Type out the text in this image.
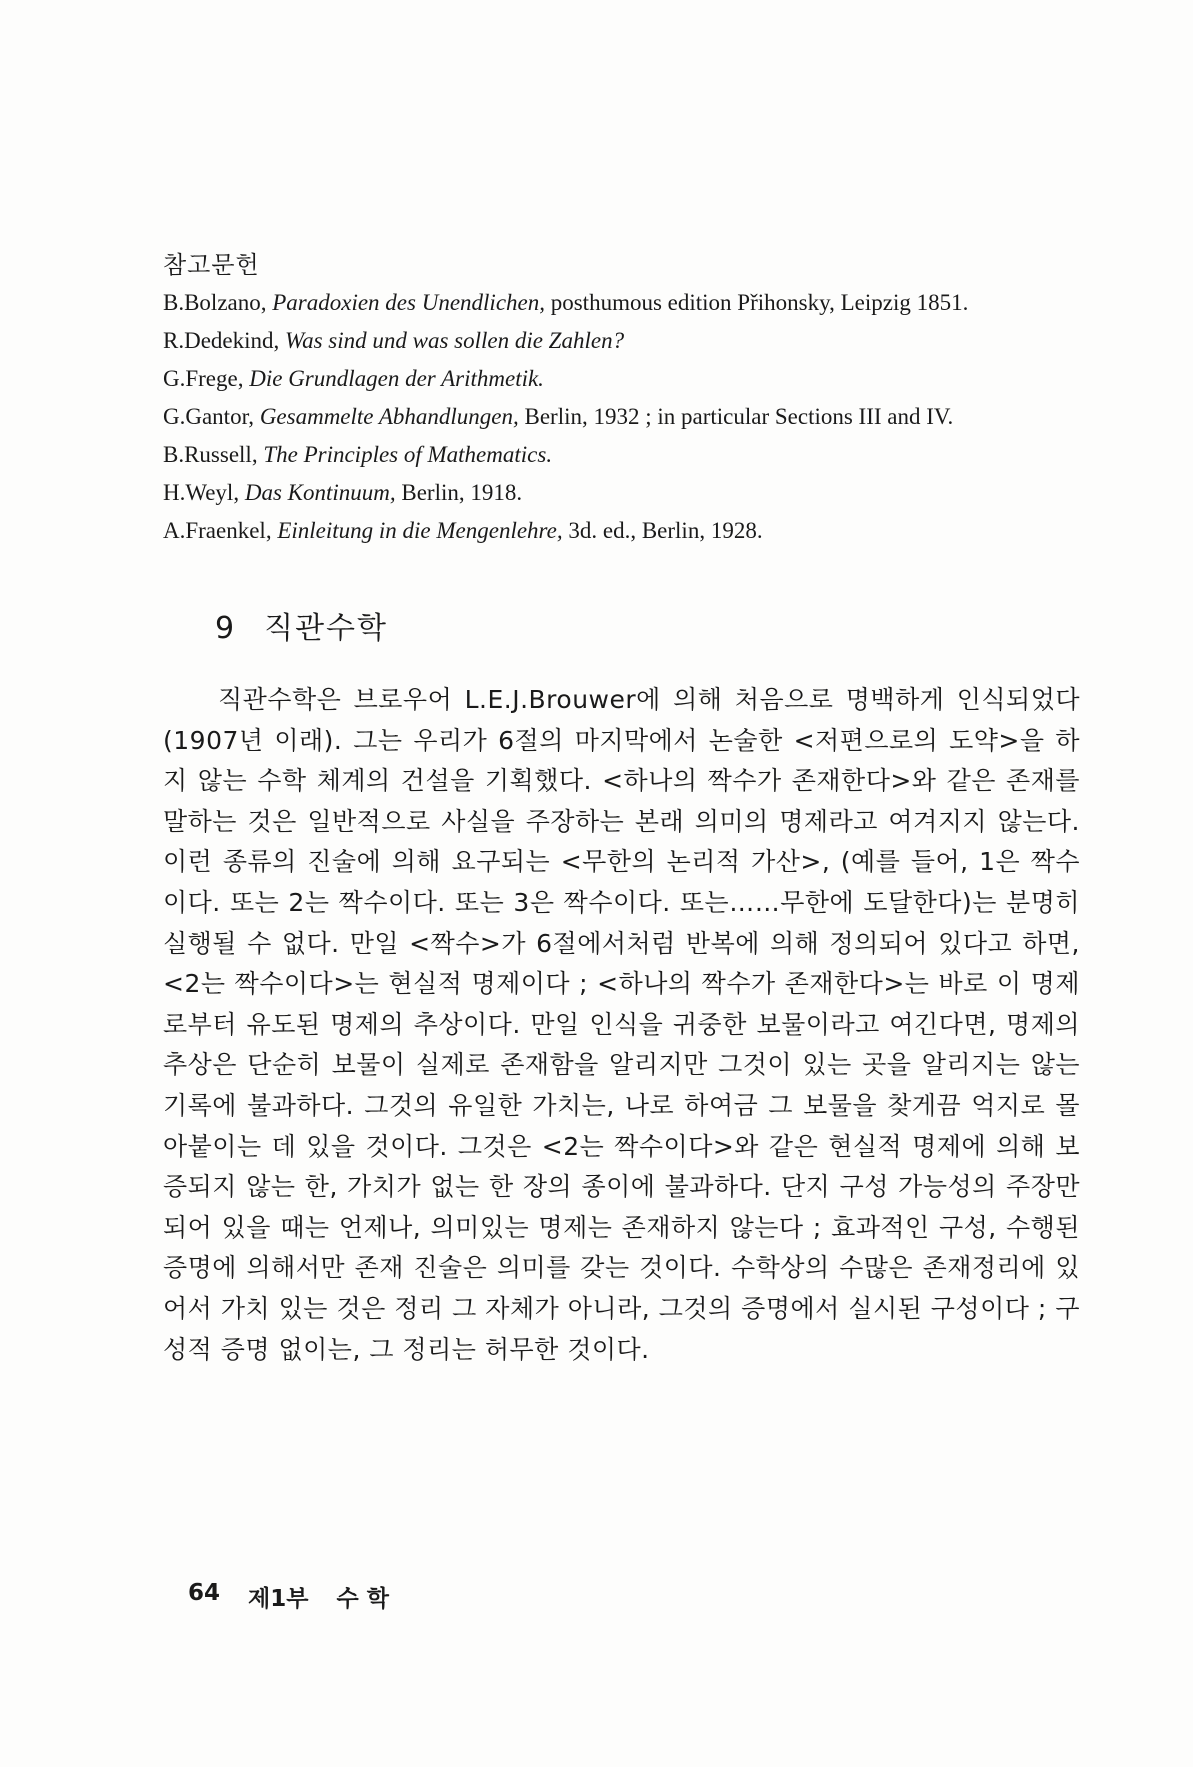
참고문헌

B.Bolzano, Paradoxien des Unendlichen, posthumous edition Přihonsky, Leipzig 1851.

R.Dedekind, Was sind und was sollen die Zahlen?

G.Frege, Die Grundlagen der Arithmetik.

G.Gantor, Gesammelte Abhandlungen, Berlin, 1932 ; in particular Sections III and IV.

B.Russell, The Principles of Mathematics.

H.Weyl, Das Kontinuum, Berlin, 1918.

A.Fraenkel, Einleitung in die Mengenlehre, 3d. ed., Berlin, 1928.

9 직관수학

직관수학은 브로우어 L.E.J.Brouwer에 의해 처음으로 명백하게 인식되었다(1907년 이래). 그는 우리가 6절의 마지막에서 논술한 <저편으로의 도약>을 하지 않는 수학 체계의 건설을 기획했다. <하나의 짝수가 존재한다>와 같은 존재를 말하는 것은 일반적으로 사실을 주장하는 본래 의미의 명제라고 여겨지지 않는다. 이런 종류의 진술에 의해 요구되는 <무한의 논리적 가산>, (예를 들어, 1은 짝수이다. 또는 2는 짝수이다. 또는 3은 짝수이다. 또는……무한에 도달한다)는 분명히 실행될 수 없다. 만일 <짝수>가 6절에서처럼 반복에 의해 정의되어 있다고 하면, <2는 짝수이다>는 현실적 명제이다 ; <하나의 짝수가 존재한다>는 바로 이 명제로부터 유도된 명제의 추상이다. 만일 인식을 귀중한 보물이라고 여긴다면, 명제의 추상은 단순히 보물이 실제로 존재함을 알리지만 그것이 있는 곳을 알리지는 않는 기록에 불과하다. 그것의 유일한 가치는, 나로 하여금 그 보물을 찾게끔 억지로 몰아붙이는 데 있을 것이다. 그것은 <2는 짝수이다>와 같은 현실적 명제에 의해 보증되지 않는 한, 가치가 없는 한 장의 종이에 불과하다. 단지 구성 가능성의 주장만 되어 있을 때는 언제나, 의미있는 명제는 존재하지 않는다 ; 효과적인 구성, 수행된 증명에 의해서만 존재 진술은 의미를 갖는 것이다. 수학상의 수많은 존재정리에 있어서 가치 있는 것은 정리 그 자체가 아니라, 그것의 증명에서 실시된 구성이다 ; 구성적 증명 없이는, 그 정리는 허무한 것이다.

64 제1부 수 학
